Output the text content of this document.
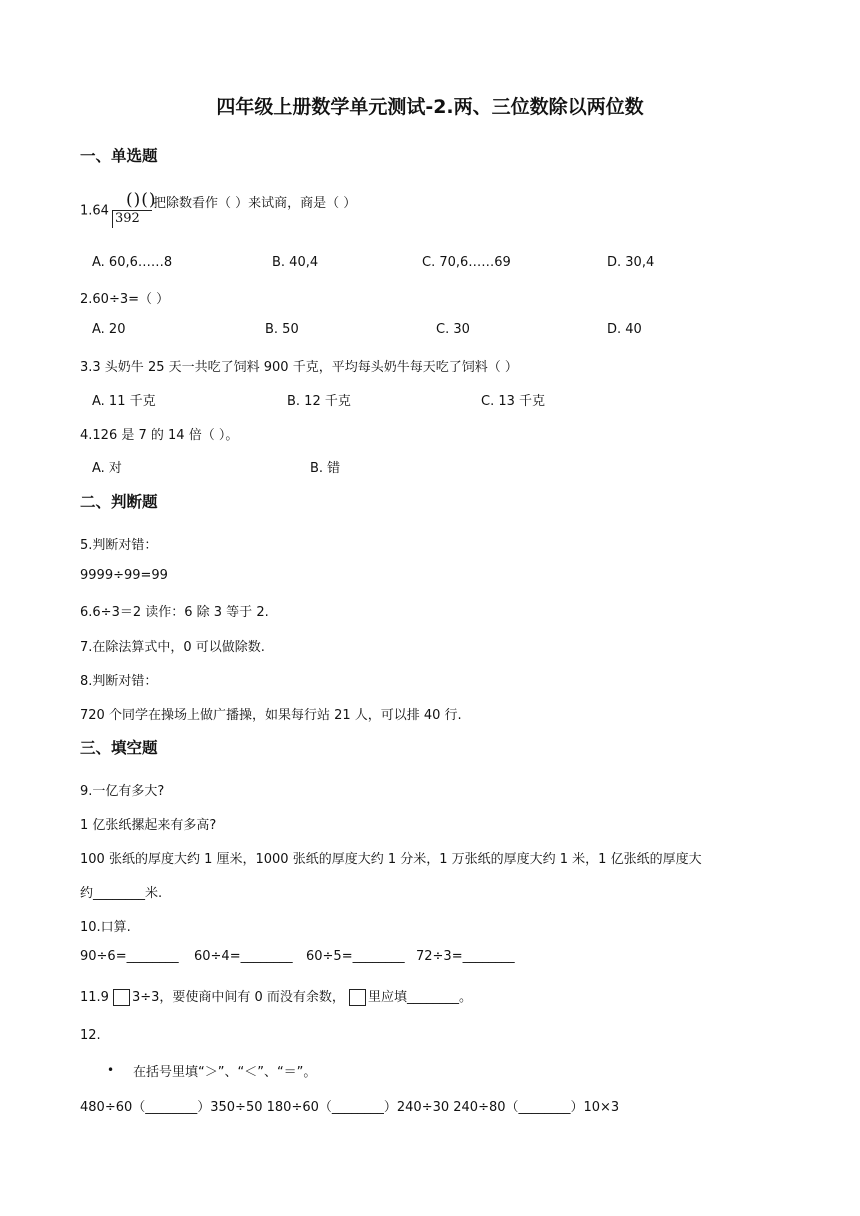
四年级上册数学单元测试-2.两、三位数除以两位数
一、单选题
1.64
()()
392
把除数看作（ ）来试商，商是（ ）
A. 60,6……8	B. 40,4	C. 70,6……69	D. 30,4
2.60÷3=（ ）
A. 20	B. 50	C. 30	D. 40
3.3 头奶牛 25 天一共吃了饲料 900 千克，平均每头奶牛每天吃了饲料（ ）
A. 11 千克	B. 12 千克	C. 13 千克
4.126 是 7 的 14 倍（ ）。
A. 对	B. 错
二、判断题
5.判断对错：
9999÷99=99
6.6÷3＝2 读作：6 除 3 等于 2.
7.在除法算式中，0 可以做除数.
8.判断对错：
720 个同学在操场上做广播操，如果每行站 21 人，可以排 40 行.
三、填空题
9.一亿有多大?
1 亿张纸摞起来有多高?
100 张纸的厚度大约 1 厘米，1000 张纸的厚度大约 1 分米，1 万张纸的厚度大约 1 米，1 亿张纸的厚度大
约________米.
10.口算.
90÷6=________ 60÷4=________ 60÷5=________ 72÷3=________
11.9 3÷3，要使商中间有 0 而没有余数， 里应填________。
12.
• 在括号里填“＞”、“＜”、“＝”。
480÷60（________）350÷50 180÷60（________）240÷30 240÷80（________）10×3
